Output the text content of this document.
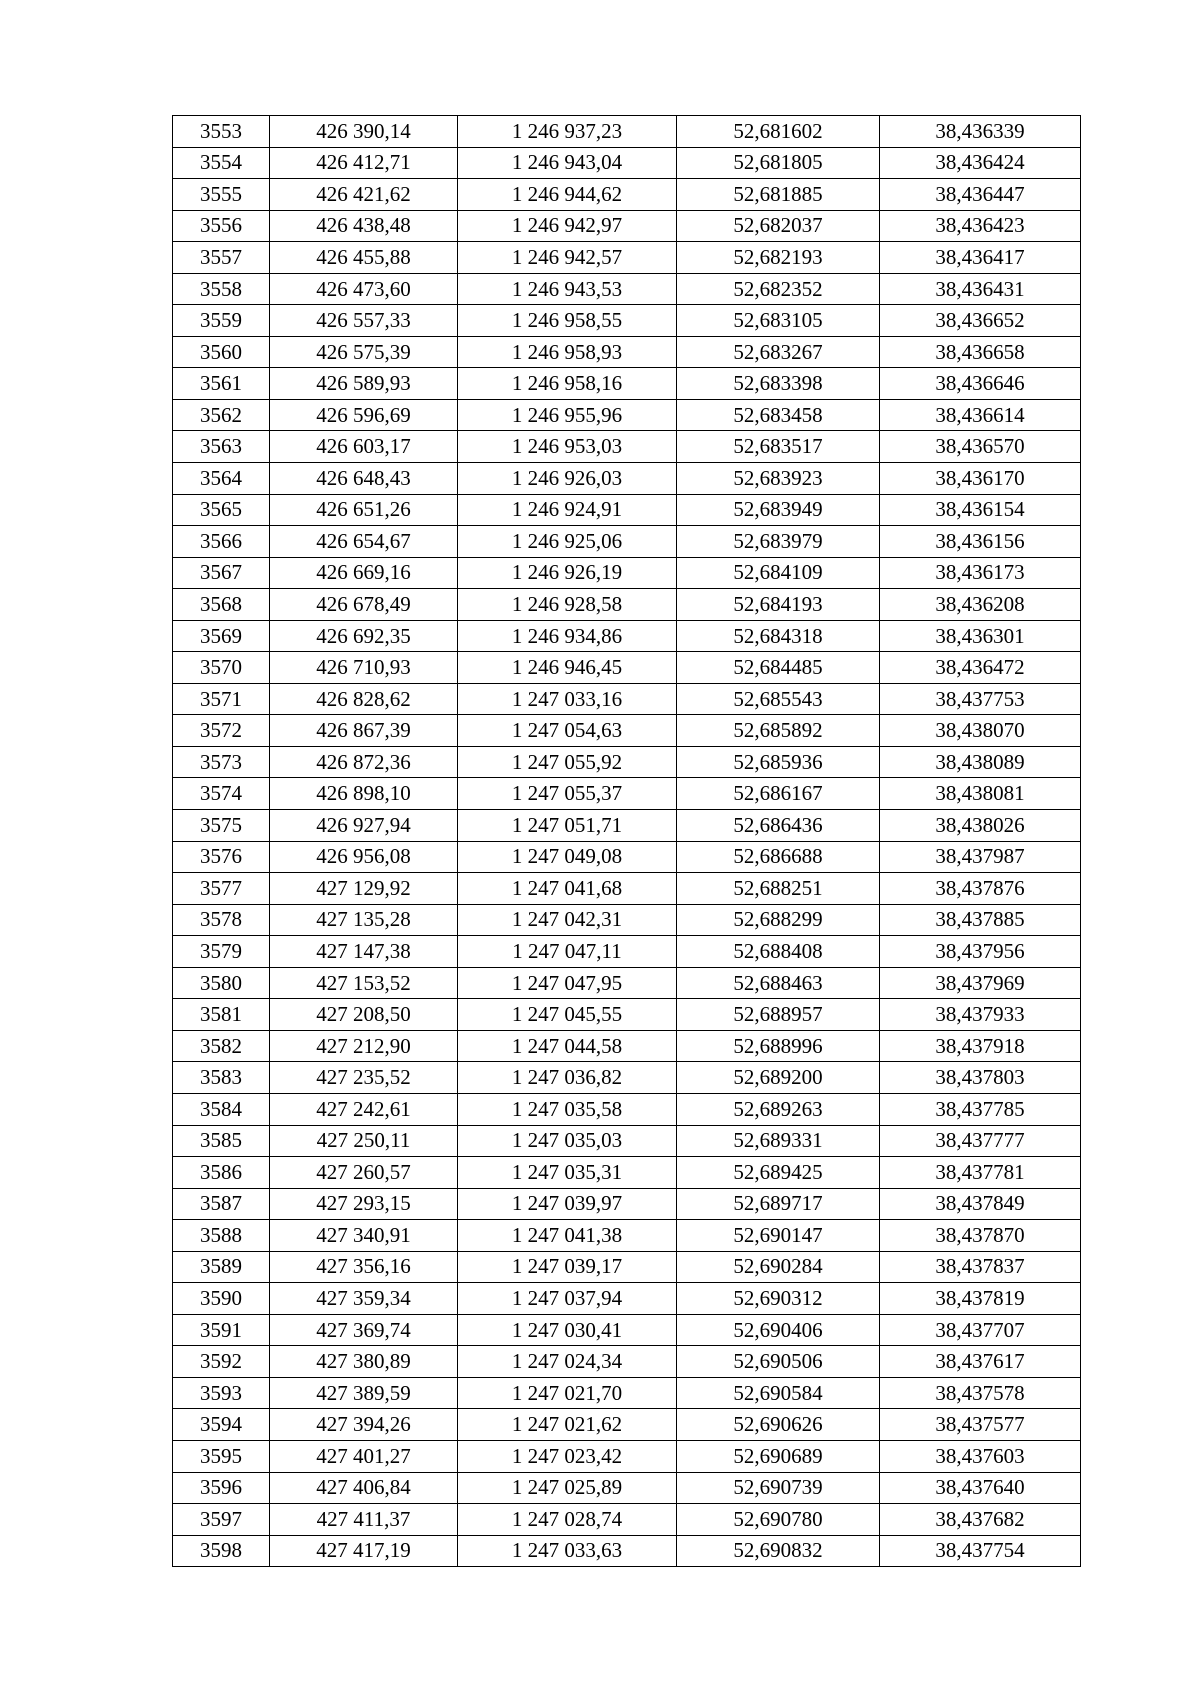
3553	426 390,14	1 246 937,23	52,681602	38,436339
3554	426 412,71	1 246 943,04	52,681805	38,436424
3555	426 421,62	1 246 944,62	52,681885	38,436447
3556	426 438,48	1 246 942,97	52,682037	38,436423
3557	426 455,88	1 246 942,57	52,682193	38,436417
3558	426 473,60	1 246 943,53	52,682352	38,436431
3559	426 557,33	1 246 958,55	52,683105	38,436652
3560	426 575,39	1 246 958,93	52,683267	38,436658
3561	426 589,93	1 246 958,16	52,683398	38,436646
3562	426 596,69	1 246 955,96	52,683458	38,436614
3563	426 603,17	1 246 953,03	52,683517	38,436570
3564	426 648,43	1 246 926,03	52,683923	38,436170
3565	426 651,26	1 246 924,91	52,683949	38,436154
3566	426 654,67	1 246 925,06	52,683979	38,436156
3567	426 669,16	1 246 926,19	52,684109	38,436173
3568	426 678,49	1 246 928,58	52,684193	38,436208
3569	426 692,35	1 246 934,86	52,684318	38,436301
3570	426 710,93	1 246 946,45	52,684485	38,436472
3571	426 828,62	1 247 033,16	52,685543	38,437753
3572	426 867,39	1 247 054,63	52,685892	38,438070
3573	426 872,36	1 247 055,92	52,685936	38,438089
3574	426 898,10	1 247 055,37	52,686167	38,438081
3575	426 927,94	1 247 051,71	52,686436	38,438026
3576	426 956,08	1 247 049,08	52,686688	38,437987
3577	427 129,92	1 247 041,68	52,688251	38,437876
3578	427 135,28	1 247 042,31	52,688299	38,437885
3579	427 147,38	1 247 047,11	52,688408	38,437956
3580	427 153,52	1 247 047,95	52,688463	38,437969
3581	427 208,50	1 247 045,55	52,688957	38,437933
3582	427 212,90	1 247 044,58	52,688996	38,437918
3583	427 235,52	1 247 036,82	52,689200	38,437803
3584	427 242,61	1 247 035,58	52,689263	38,437785
3585	427 250,11	1 247 035,03	52,689331	38,437777
3586	427 260,57	1 247 035,31	52,689425	38,437781
3587	427 293,15	1 247 039,97	52,689717	38,437849
3588	427 340,91	1 247 041,38	52,690147	38,437870
3589	427 356,16	1 247 039,17	52,690284	38,437837
3590	427 359,34	1 247 037,94	52,690312	38,437819
3591	427 369,74	1 247 030,41	52,690406	38,437707
3592	427 380,89	1 247 024,34	52,690506	38,437617
3593	427 389,59	1 247 021,70	52,690584	38,437578
3594	427 394,26	1 247 021,62	52,690626	38,437577
3595	427 401,27	1 247 023,42	52,690689	38,437603
3596	427 406,84	1 247 025,89	52,690739	38,437640
3597	427 411,37	1 247 028,74	52,690780	38,437682
3598	427 417,19	1 247 033,63	52,690832	38,437754
